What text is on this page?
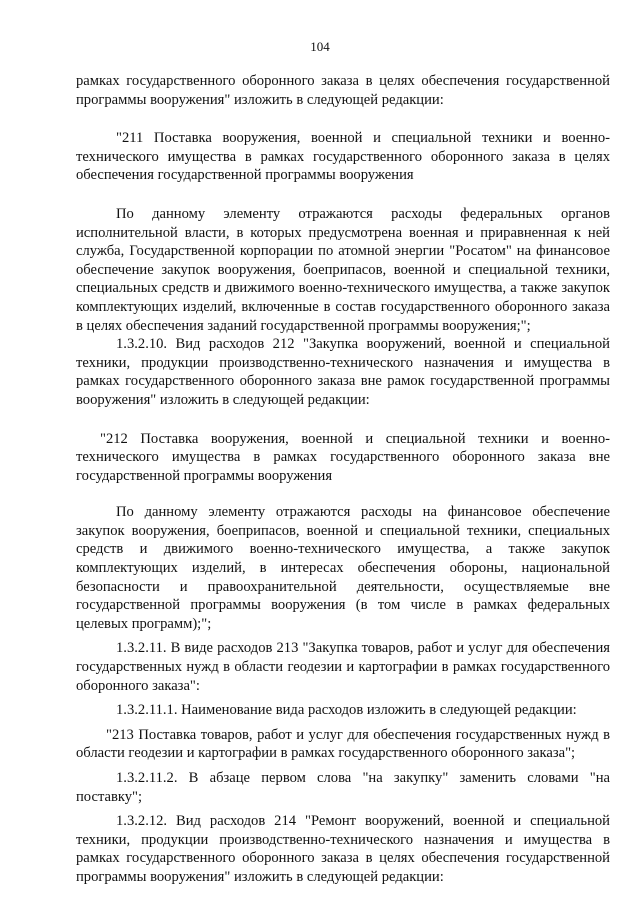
104

рамках государственного оборонного заказа в целях обеспечения государственной программы вооружения" изложить в следующей редакции:

"211 Поставка вооружения, военной и специальной техники и военно-технического имущества в рамках государственного оборонного заказа в целях обеспечения государственной программы вооружения

По данному элементу отражаются расходы федеральных органов исполнительной власти, в которых предусмотрена военная и приравненная к ней служба, Государственной корпорации по атомной энергии "Росатом" на финансовое обеспечение закупок вооружения, боеприпасов, военной и специальной техники, специальных средств и движимого военно-технического имущества, а также закупок комплектующих изделий, включенные в состав государственного оборонного заказа в целях обеспечения заданий государственной программы вооружения;";

1.3.2.10. Вид расходов 212 "Закупка вооружений, военной и специальной техники, продукции производственно-технического назначения и имущества в рамках государственного оборонного заказа вне рамок государственной программы вооружения" изложить в следующей редакции:

"212 Поставка вооружения, военной и специальной техники и военно-технического имущества в рамках государственного оборонного заказа вне государственной программы вооружения

По данному элементу отражаются расходы на финансовое обеспечение закупок вооружения, боеприпасов, военной и специальной техники, специальных средств и движимого военно-технического имущества, а также закупок комплектующих изделий, в интересах обеспечения обороны, национальной безопасности и правоохранительной деятельности, осуществляемые вне государственной программы вооружения (в том числе в рамках федеральных целевых программ);";

1.3.2.11. В виде расходов 213 "Закупка товаров, работ и услуг для обеспечения государственных нужд в области геодезии и картографии в рамках государственного оборонного заказа":

1.3.2.11.1. Наименование вида расходов изложить в следующей редакции:

"213 Поставка товаров, работ и услуг для обеспечения государственных нужд в области геодезии и картографии в рамках государственного оборонного заказа";

1.3.2.11.2. В абзаце первом слова "на закупку" заменить словами "на поставку";

1.3.2.12. Вид расходов 214 "Ремонт вооружений, военной и специальной техники, продукции производственно-технического назначения и имущества в рамках государственного оборонного заказа в целях обеспечения государственной программы вооружения" изложить в следующей редакции:
